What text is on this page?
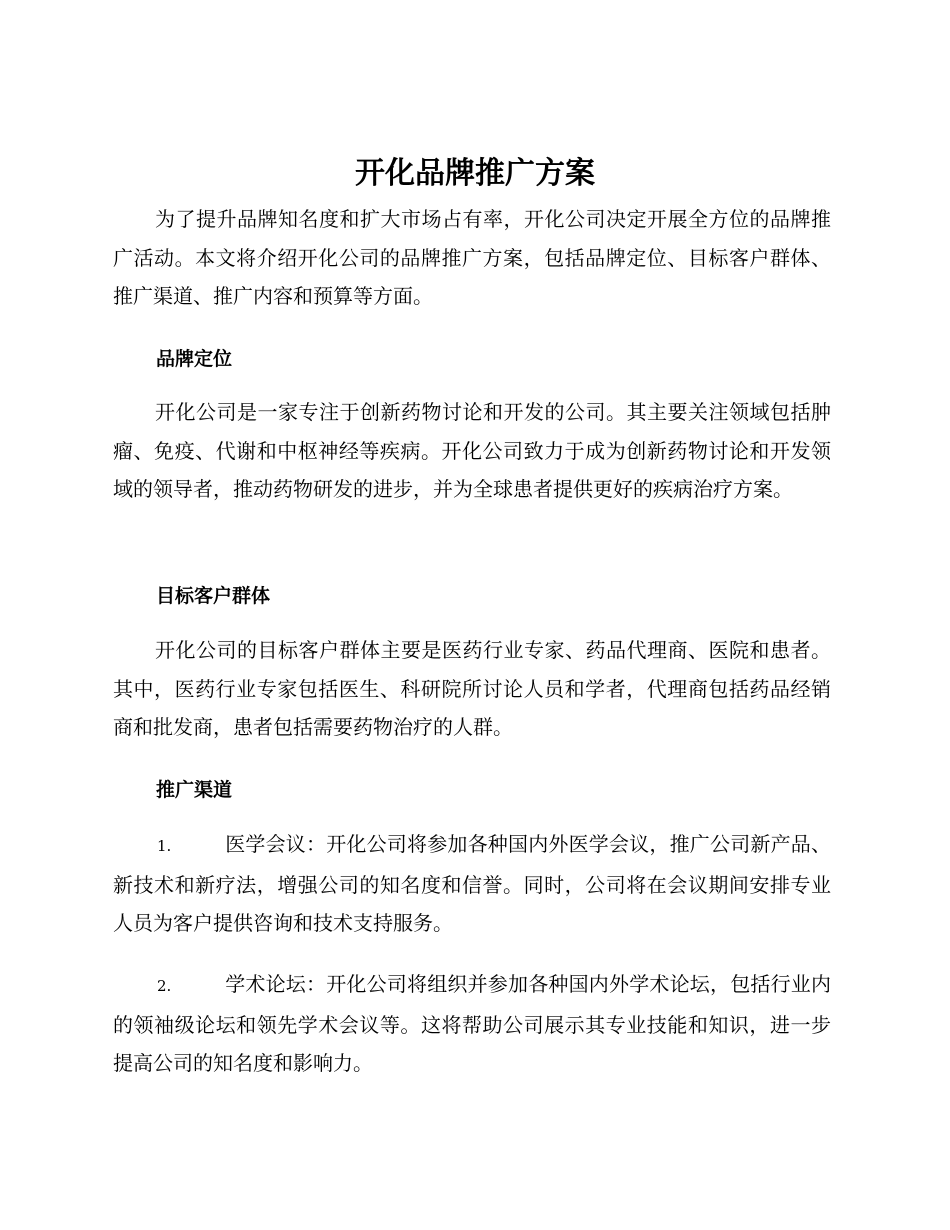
开化品牌推广方案

为了提升品牌知名度和扩大市场占有率，开化公司决定开展全方位的品牌推广活动。本文将介绍开化公司的品牌推广方案，包括品牌定位、目标客户群体、推广渠道、推广内容和预算等方面。

品牌定位

开化公司是一家专注于创新药物讨论和开发的公司。其主要关注领域包括肿瘤、免疫、代谢和中枢神经等疾病。开化公司致力于成为创新药物讨论和开发领域的领导者，推动药物研发的进步，并为全球患者提供更好的疾病治疗方案。

目标客户群体

开化公司的目标客户群体主要是医药行业专家、药品代理商、医院和患者。其中，医药行业专家包括医生、科研院所讨论人员和学者，代理商包括药品经销商和批发商，患者包括需要药物治疗的人群。

推广渠道

1.	医学会议：开化公司将参加各种国内外医学会议，推广公司新产品、新技术和新疗法，增强公司的知名度和信誉。同时，公司将在会议期间安排专业人员为客户提供咨询和技术支持服务。

2.	学术论坛：开化公司将组织并参加各种国内外学术论坛，包括行业内的领袖级论坛和领先学术会议等。这将帮助公司展示其专业技能和知识，进一步提高公司的知名度和影响力。
